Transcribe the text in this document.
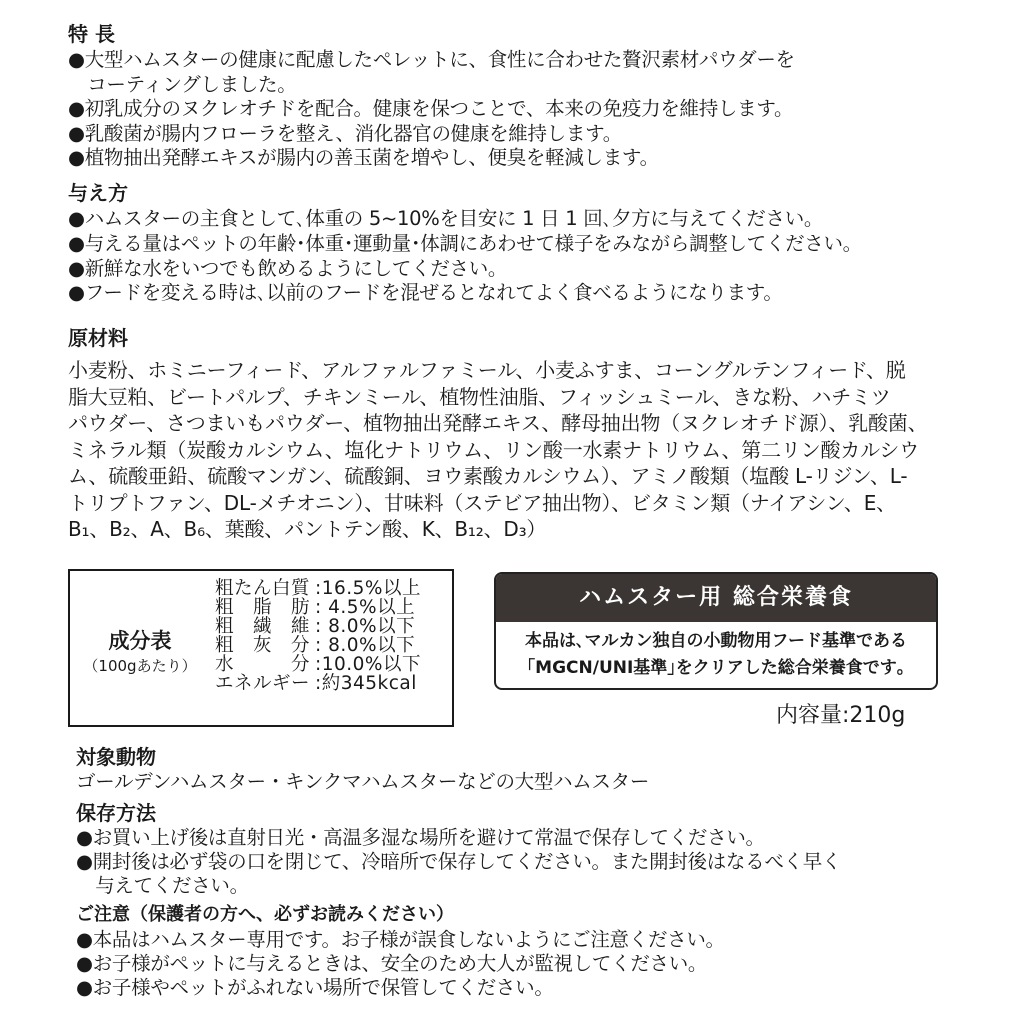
特 長
●大型ハムスターの健康に配慮したペレットに、食性に合わせた贅沢素材パウダーを
　コーティングしました。
●初乳成分のヌクレオチドを配合。健康を保つことで、本来の免疫力を維持します。
●乳酸菌が腸内フローラを整え、消化器官の健康を維持します。
●植物抽出発酵エキスが腸内の善玉菌を増やし、便臭を軽減します。
与え方
●ハムスターの主食として､体重の 5~10%を目安に 1 日 1 回､夕方に与えてください。
●与える量はペットの年齢･体重･運動量･体調にあわせて様子をみながら調整してください。
●新鮮な水をいつでも飲めるようにしてください。
●フードを変える時は､以前のフードを混ぜるとなれてよく食べるようになります。
原材料
小麦粉、ホミニーフィード、アルファルファミール、小麦ふすま、コーングルテンフィード、脱
脂大豆粕、ビートパルプ、チキンミール、植物性油脂、フィッシュミール、きな粉、ハチミツ
パウダー、さつまいもパウダー、植物抽出発酵エキス、酵母抽出物（ヌクレオチド源）、乳酸菌、
ミネラル類（炭酸カルシウム、塩化ナトリウム、リン酸一水素ナトリウム、第二リン酸カルシウ
ム、硫酸亜鉛、硫酸マンガン、硫酸銅、ヨウ素酸カルシウム）、アミノ酸類（塩酸 L-リジン、L-
トリプトファン、DL-メチオニン）、甘味料（ステビア抽出物）、ビタミン類（ナイアシン、E、
B₁、B₂、A、B₆、葉酸、パントテン酸、K、B₁₂、D₃）
成分表
（100gあたり）
粗たん白質 :16.5%以上
粗　脂　肪 : 4.5%以上
粗　繊　維 : 8.0%以下
粗　灰　分 : 8.0%以下
水　　　分 :10.0%以下
エネルギー :約345kcal
ハムスター用 総合栄養食
本品は､マルカン独自の小動物用フード基準である
｢MGCN/UNI基準｣をクリアした総合栄養食です｡
内容量:210g
対象動物
ゴールデンハムスター・キンクマハムスターなどの大型ハムスター
保存方法
●お買い上げ後は直射日光・高温多湿な場所を避けて常温で保存してください。
●開封後は必ず袋の口を閉じて、冷暗所で保存してください。また開封後はなるべく早く
　与えてください。
ご注意（保護者の方へ、必ずお読みください）
●本品はハムスター専用です。お子様が誤食しないようにご注意ください。
●お子様がペットに与えるときは、安全のため大人が監視してください。
●お子様やペットがふれない場所で保管してください。
